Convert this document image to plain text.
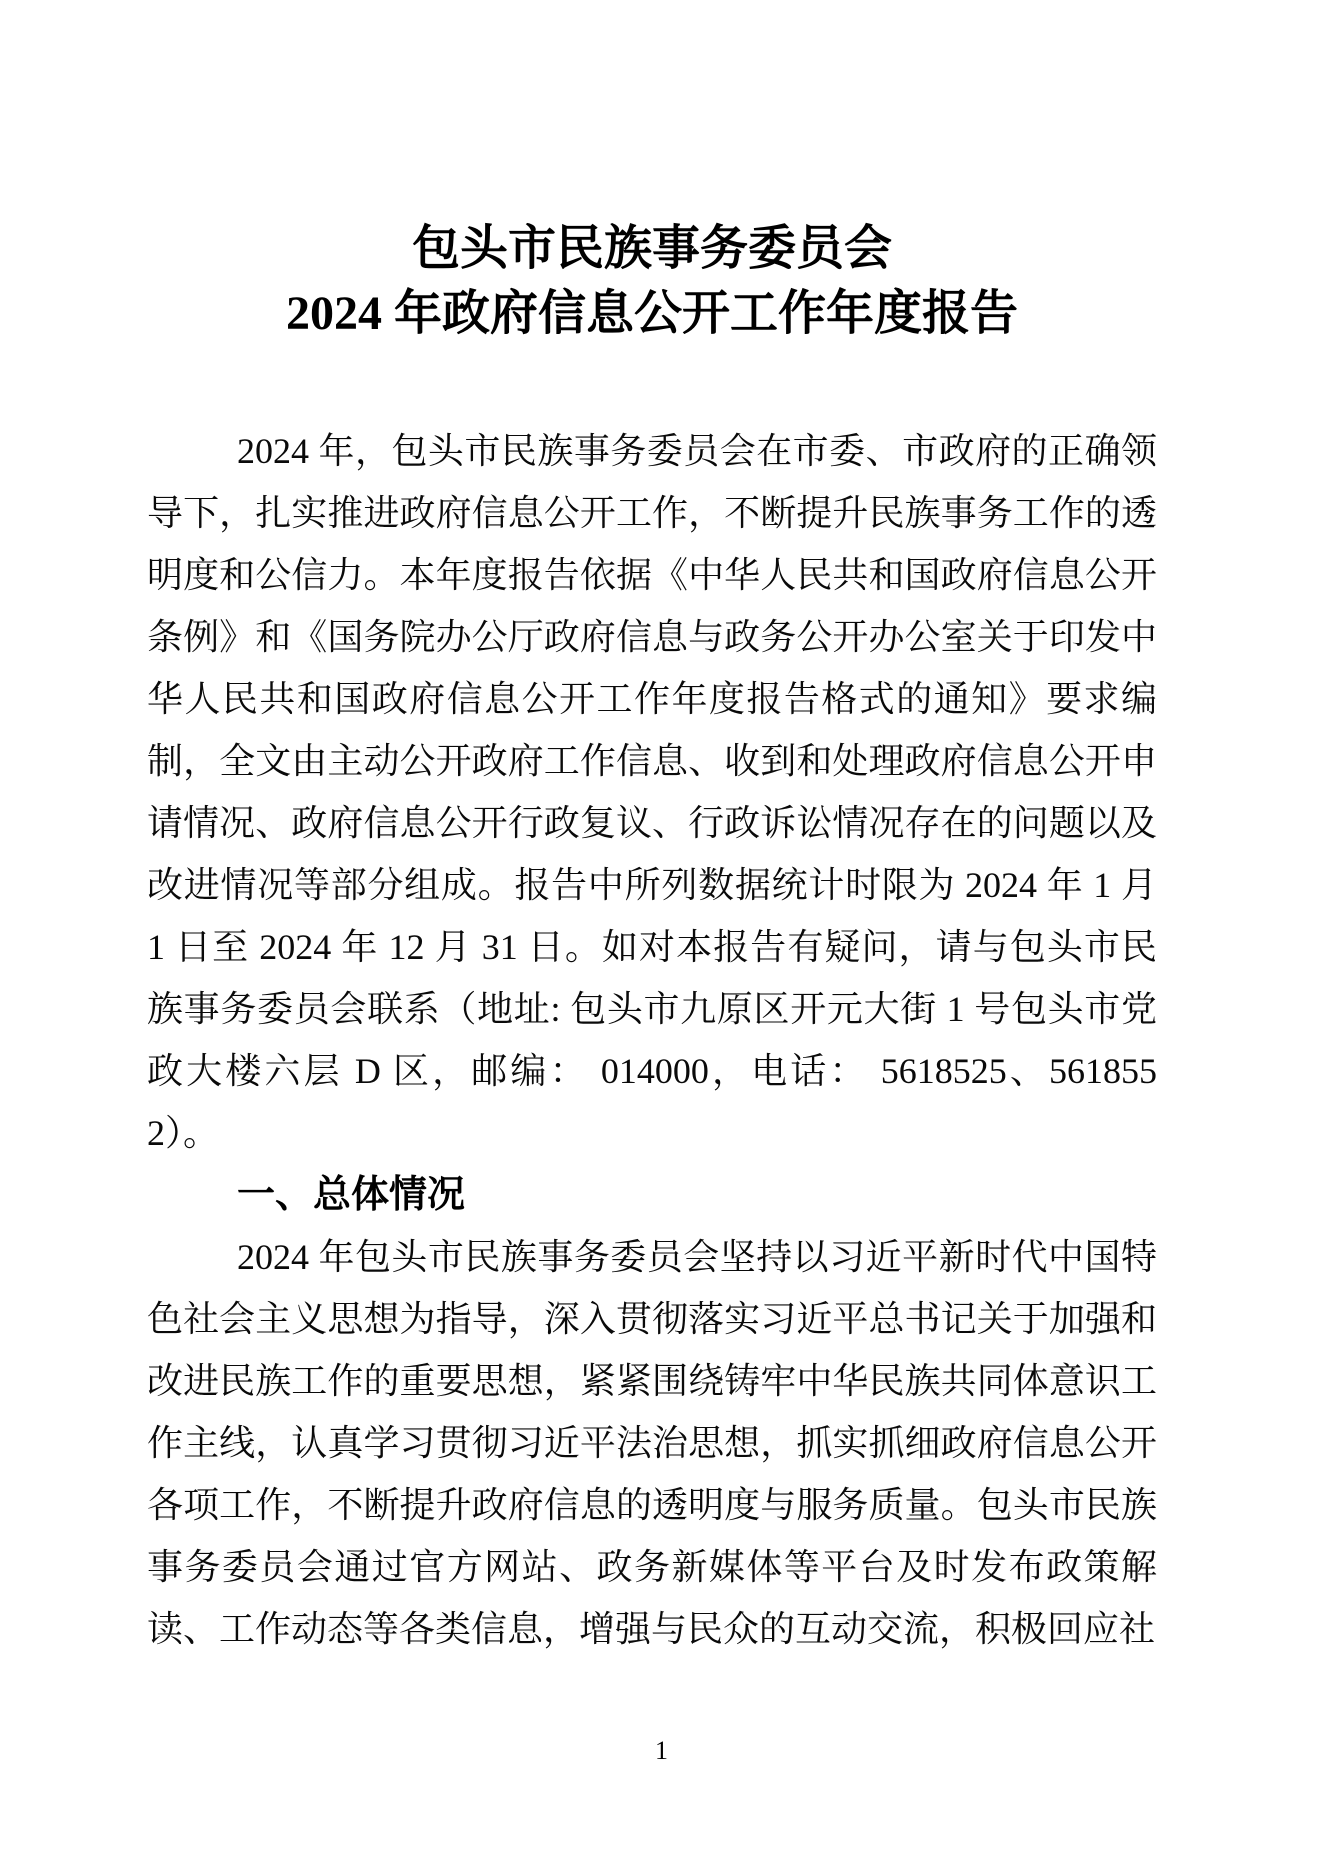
包头市民族事务委员会
2024 年政府信息公开工作年度报告

2024 年，包头市民族事务委员会在市委、市政府的正确领导下，扎实推进政府信息公开工作，不断提升民族事务工作的透明度和公信力。本年度报告依据《中华人民共和国政府信息公开条例》和《国务院办公厅政府信息与政务公开办公室关于印发中华人民共和国政府信息公开工作年度报告格式的通知》要求编制，全文由主动公开政府工作信息、收到和处理政府信息公开申请情况、政府信息公开行政复议、行政诉讼情况存在的问题以及改进情况等部分组成。报告中所列数据统计时限为 2024 年 1 月 1 日至 2024 年 12 月 31 日。如对本报告有疑问，请与包头市民族事务委员会联系（地址: 包头市九原区开元大街 1 号包头市党政大楼六层 D 区，邮编： 014000，电话： 5618525、5618552）。

一、总体情况

2024 年包头市民族事务委员会坚持以习近平新时代中国特色社会主义思想为指导，深入贯彻落实习近平总书记关于加强和改进民族工作的重要思想，紧紧围绕铸牢中华民族共同体意识工作主线，认真学习贯彻习近平法治思想，抓实抓细政府信息公开各项工作，不断提升政府信息的透明度与服务质量。包头市民族事务委员会通过官方网站、政务新媒体等平台及时发布政策解读、工作动态等各类信息，增强与民众的互动交流，积极回应社

1
